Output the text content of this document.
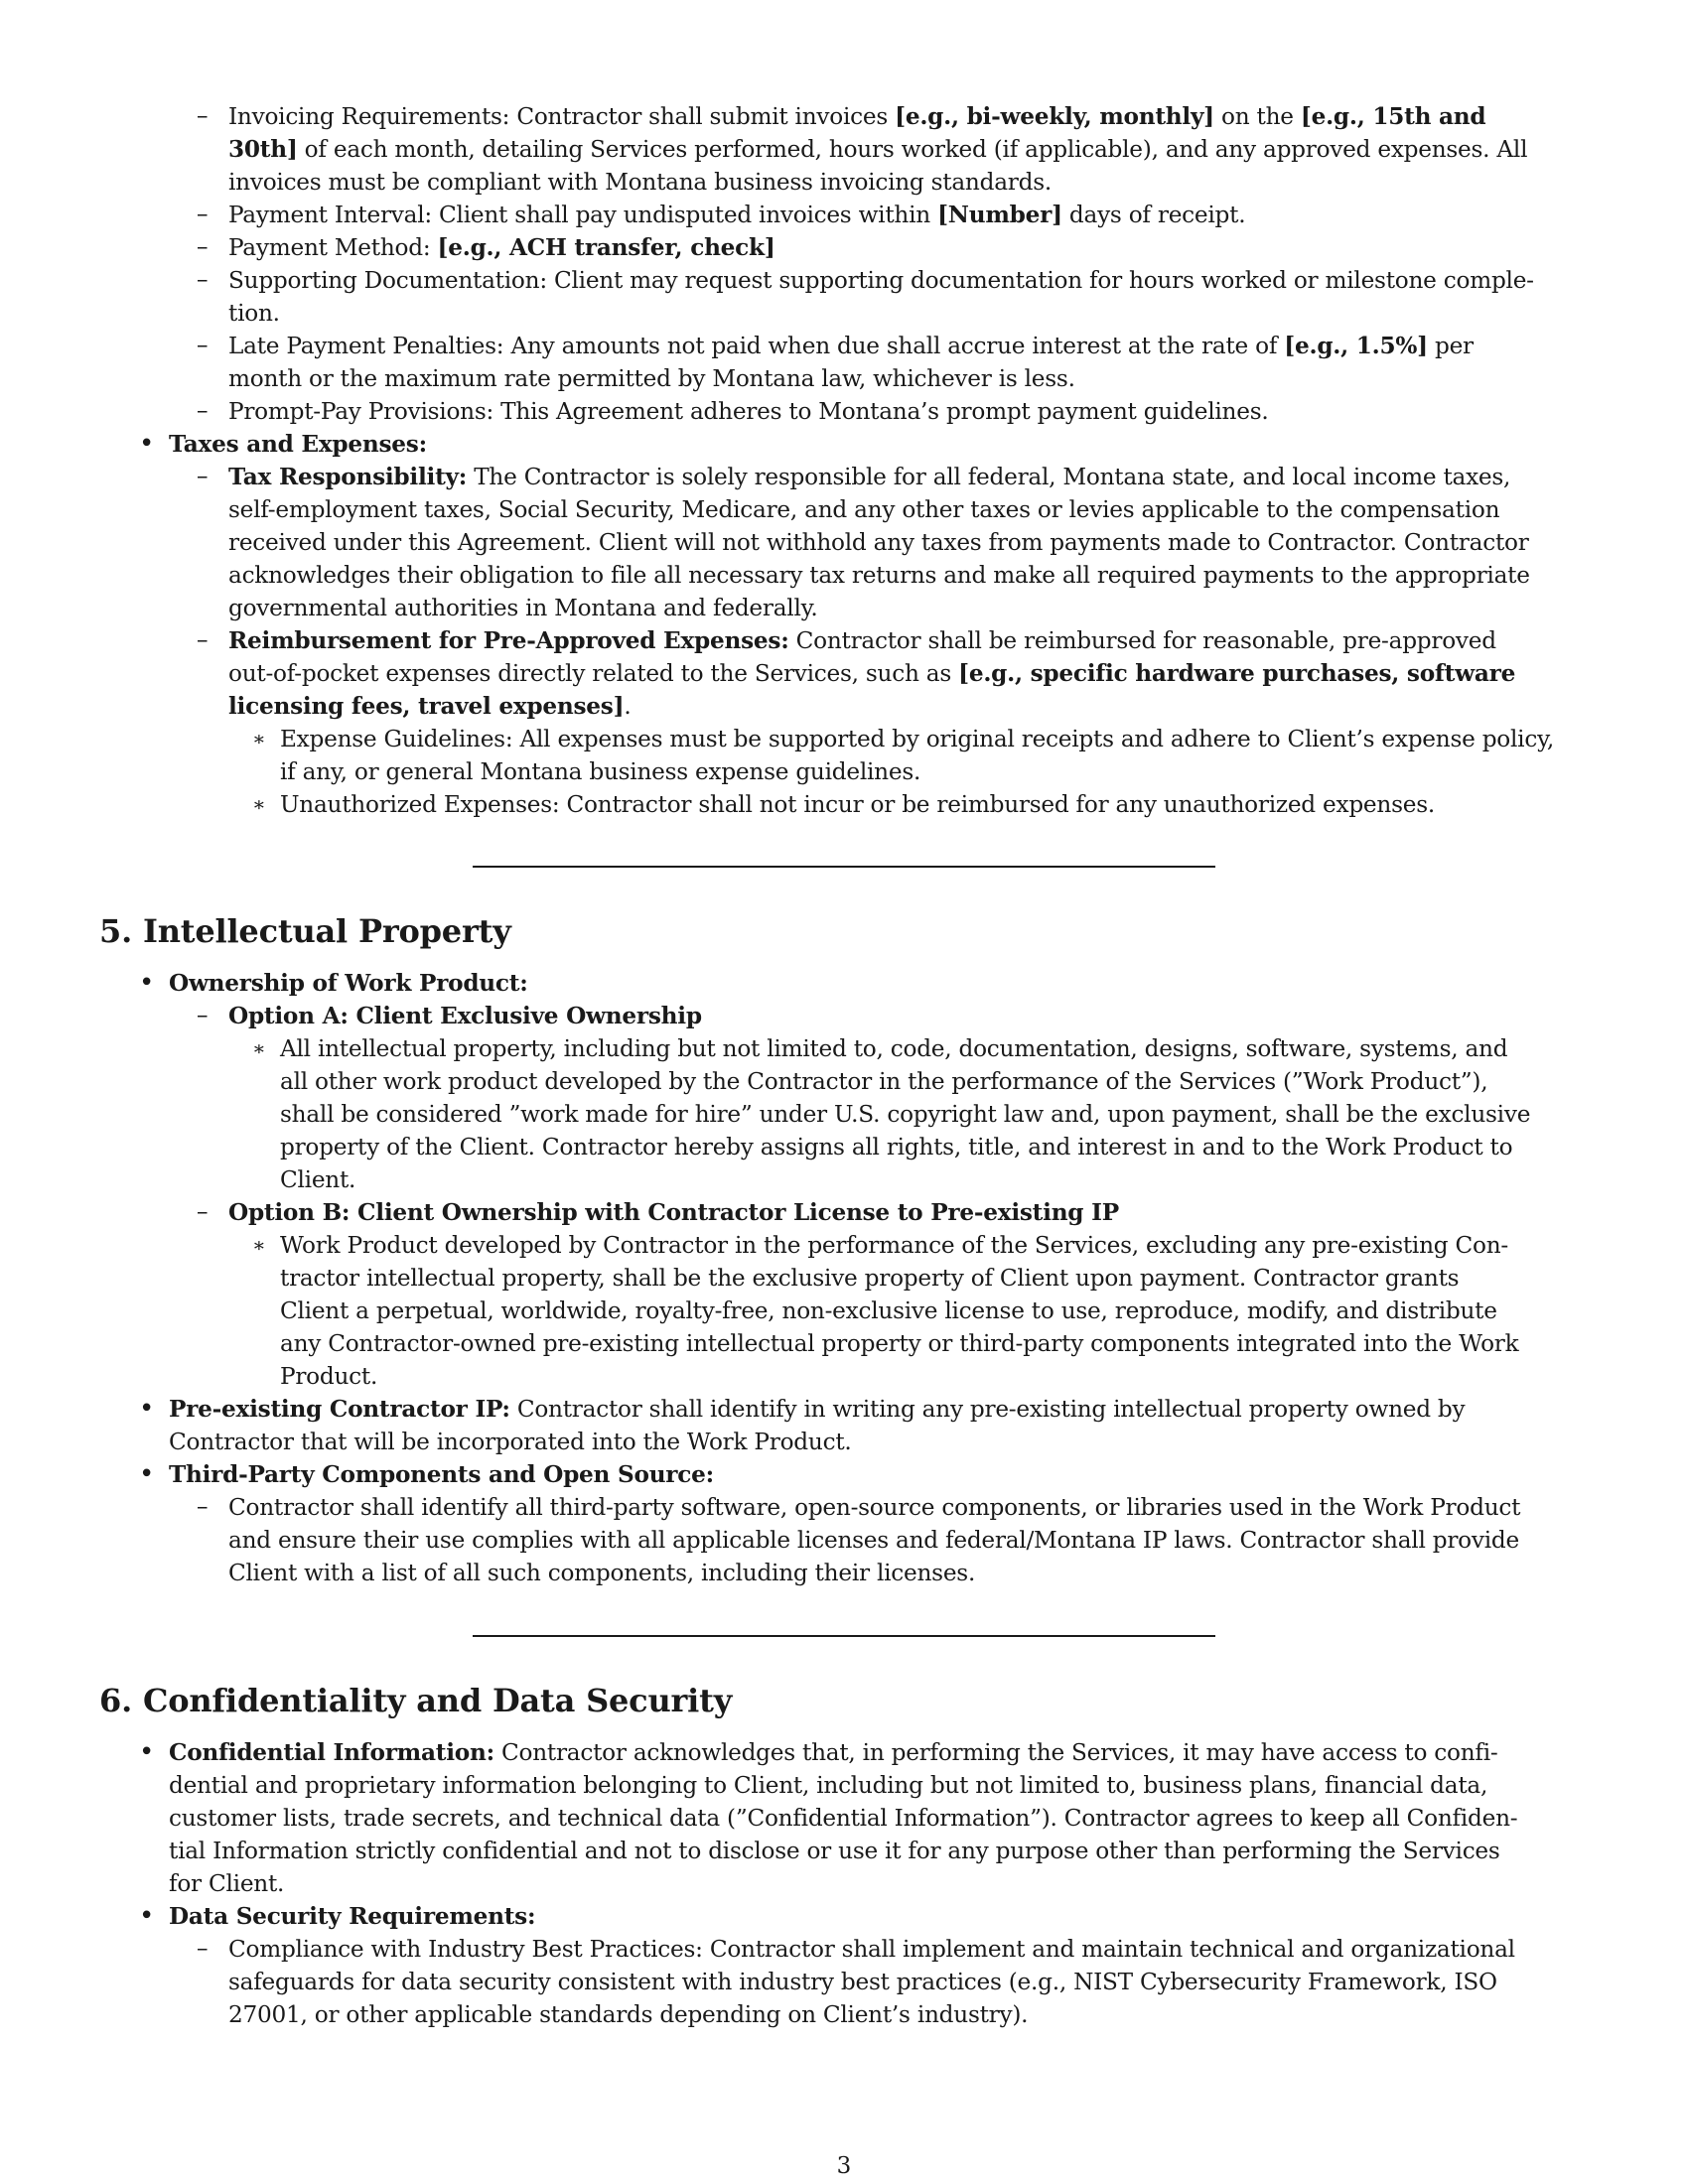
– Invoicing Requirements: Contractor shall submit invoices [e.g., bi-weekly, monthly] on the [e.g., 15th and
30th] of each month, detailing Services performed, hours worked (if applicable), and any approved expenses. All
invoices must be compliant with Montana business invoicing standards.
– Payment Interval: Client shall pay undisputed invoices within [Number] days of receipt.
– Payment Method: [e.g., ACH transfer, check]
– Supporting Documentation: Client may request supporting documentation for hours worked or milestone comple-
tion.
– Late Payment Penalties: Any amounts not paid when due shall accrue interest at the rate of [e.g., 1.5%] per
month or the maximum rate permitted by Montana law, whichever is less.
– Prompt-Pay Provisions: This Agreement adheres to Montana’s prompt payment guidelines.
• Taxes and Expenses:
– Tax Responsibility: The Contractor is solely responsible for all federal, Montana state, and local income taxes,
self-employment taxes, Social Security, Medicare, and any other taxes or levies applicable to the compensation
received under this Agreement. Client will not withhold any taxes from payments made to Contractor. Contractor
acknowledges their obligation to file all necessary tax returns and make all required payments to the appropriate
governmental authorities in Montana and federally.
– Reimbursement for Pre-Approved Expenses: Contractor shall be reimbursed for reasonable, pre-approved
out-of-pocket expenses directly related to the Services, such as [e.g., specific hardware purchases, software
licensing fees, travel expenses].
∗ Expense Guidelines: All expenses must be supported by original receipts and adhere to Client’s expense policy,
if any, or general Montana business expense guidelines.
∗ Unauthorized Expenses: Contractor shall not incur or be reimbursed for any unauthorized expenses.
5. Intellectual Property
• Ownership of Work Product:
– Option A: Client Exclusive Ownership
∗ All intellectual property, including but not limited to, code, documentation, designs, software, systems, and
all other work product developed by the Contractor in the performance of the Services (”Work Product”),
shall be considered ”work made for hire” under U.S. copyright law and, upon payment, shall be the exclusive
property of the Client. Contractor hereby assigns all rights, title, and interest in and to the Work Product to
Client.
– Option B: Client Ownership with Contractor License to Pre-existing IP
∗ Work Product developed by Contractor in the performance of the Services, excluding any pre-existing Con-
tractor intellectual property, shall be the exclusive property of Client upon payment. Contractor grants
Client a perpetual, worldwide, royalty-free, non-exclusive license to use, reproduce, modify, and distribute
any Contractor-owned pre-existing intellectual property or third-party components integrated into the Work
Product.
• Pre-existing Contractor IP: Contractor shall identify in writing any pre-existing intellectual property owned by
Contractor that will be incorporated into the Work Product.
• Third-Party Components and Open Source:
– Contractor shall identify all third-party software, open-source components, or libraries used in the Work Product
and ensure their use complies with all applicable licenses and federal/Montana IP laws. Contractor shall provide
Client with a list of all such components, including their licenses.
6. Confidentiality and Data Security
• Confidential Information: Contractor acknowledges that, in performing the Services, it may have access to confi-
dential and proprietary information belonging to Client, including but not limited to, business plans, financial data,
customer lists, trade secrets, and technical data (”Confidential Information”). Contractor agrees to keep all Confiden-
tial Information strictly confidential and not to disclose or use it for any purpose other than performing the Services
for Client.
• Data Security Requirements:
– Compliance with Industry Best Practices: Contractor shall implement and maintain technical and organizational
safeguards for data security consistent with industry best practices (e.g., NIST Cybersecurity Framework, ISO
27001, or other applicable standards depending on Client’s industry).
3
